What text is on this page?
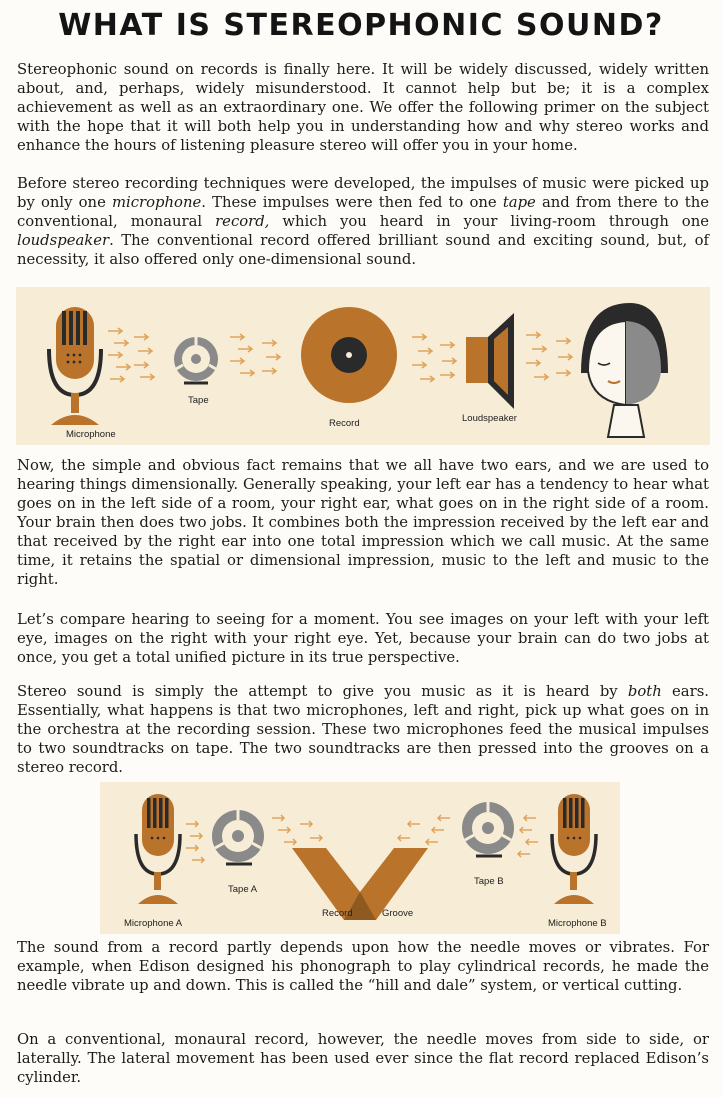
WHAT IS STEREOPHONIC SOUND?

Stereophonic sound on records is finally here. It will be widely discussed, widely written about, and, perhaps, widely misunderstood. It cannot help but be; it is a complex achievement as well as an extraordinary one. We offer the following primer on the subject with the hope that it will both help you in understanding how and why stereo works and enhance the hours of listening pleasure stereo will offer you in your home.

Before stereo recording techniques were developed, the impulses of music were picked up by only one microphone. These impulses were then fed to one tape and from there to the conventional, monaural record, which you heard in your living-room through one loudspeaker. The conventional record offered brilliant sound and exciting sound, but, of necessity, it also offered only one-dimensional sound.

Tape
Record	Loudspeaker
Microphone

Now, the simple and obvious fact remains that we all have two ears, and we are used to hearing things dimensionally. Generally speaking, your left ear has a tendency to hear what goes on in the left side of a room, your right ear, what goes on in the right side of a room. Your brain then does two jobs. It combines both the impression received by the left ear and that received by the right ear into one total impression which we call music. At the same time, it retains the spatial or dimensional impression, music to the left and music to the right.

Let’s compare hearing to seeing for a moment. You see images on your left with your left eye, images on the right with your right eye. Yet, because your brain can do two jobs at once, you get a total unified picture in its true perspective.

Stereo sound is simply the attempt to give you music as it is heard by both ears. Essentially, what happens is that two microphones, left and right, pick up what goes on in the orchestra at the recording session. These two microphones feed the musical impulses to two soundtracks on tape. The two soundtracks are then pressed into the grooves on a stereo record.

Microphone A
Tape A
Record	Groove
Tape B
Microphone B

The sound from a record partly depends upon how the needle moves or vibrates. For example, when Edison designed his phonograph to play cylindrical records, he made the needle vibrate up and down. This is called the “hill and dale” system, or vertical cutting.

On a conventional, monaural record, however, the needle moves from side to side, or laterally. The lateral movement has been used ever since the flat record replaced Edison’s cylinder.
